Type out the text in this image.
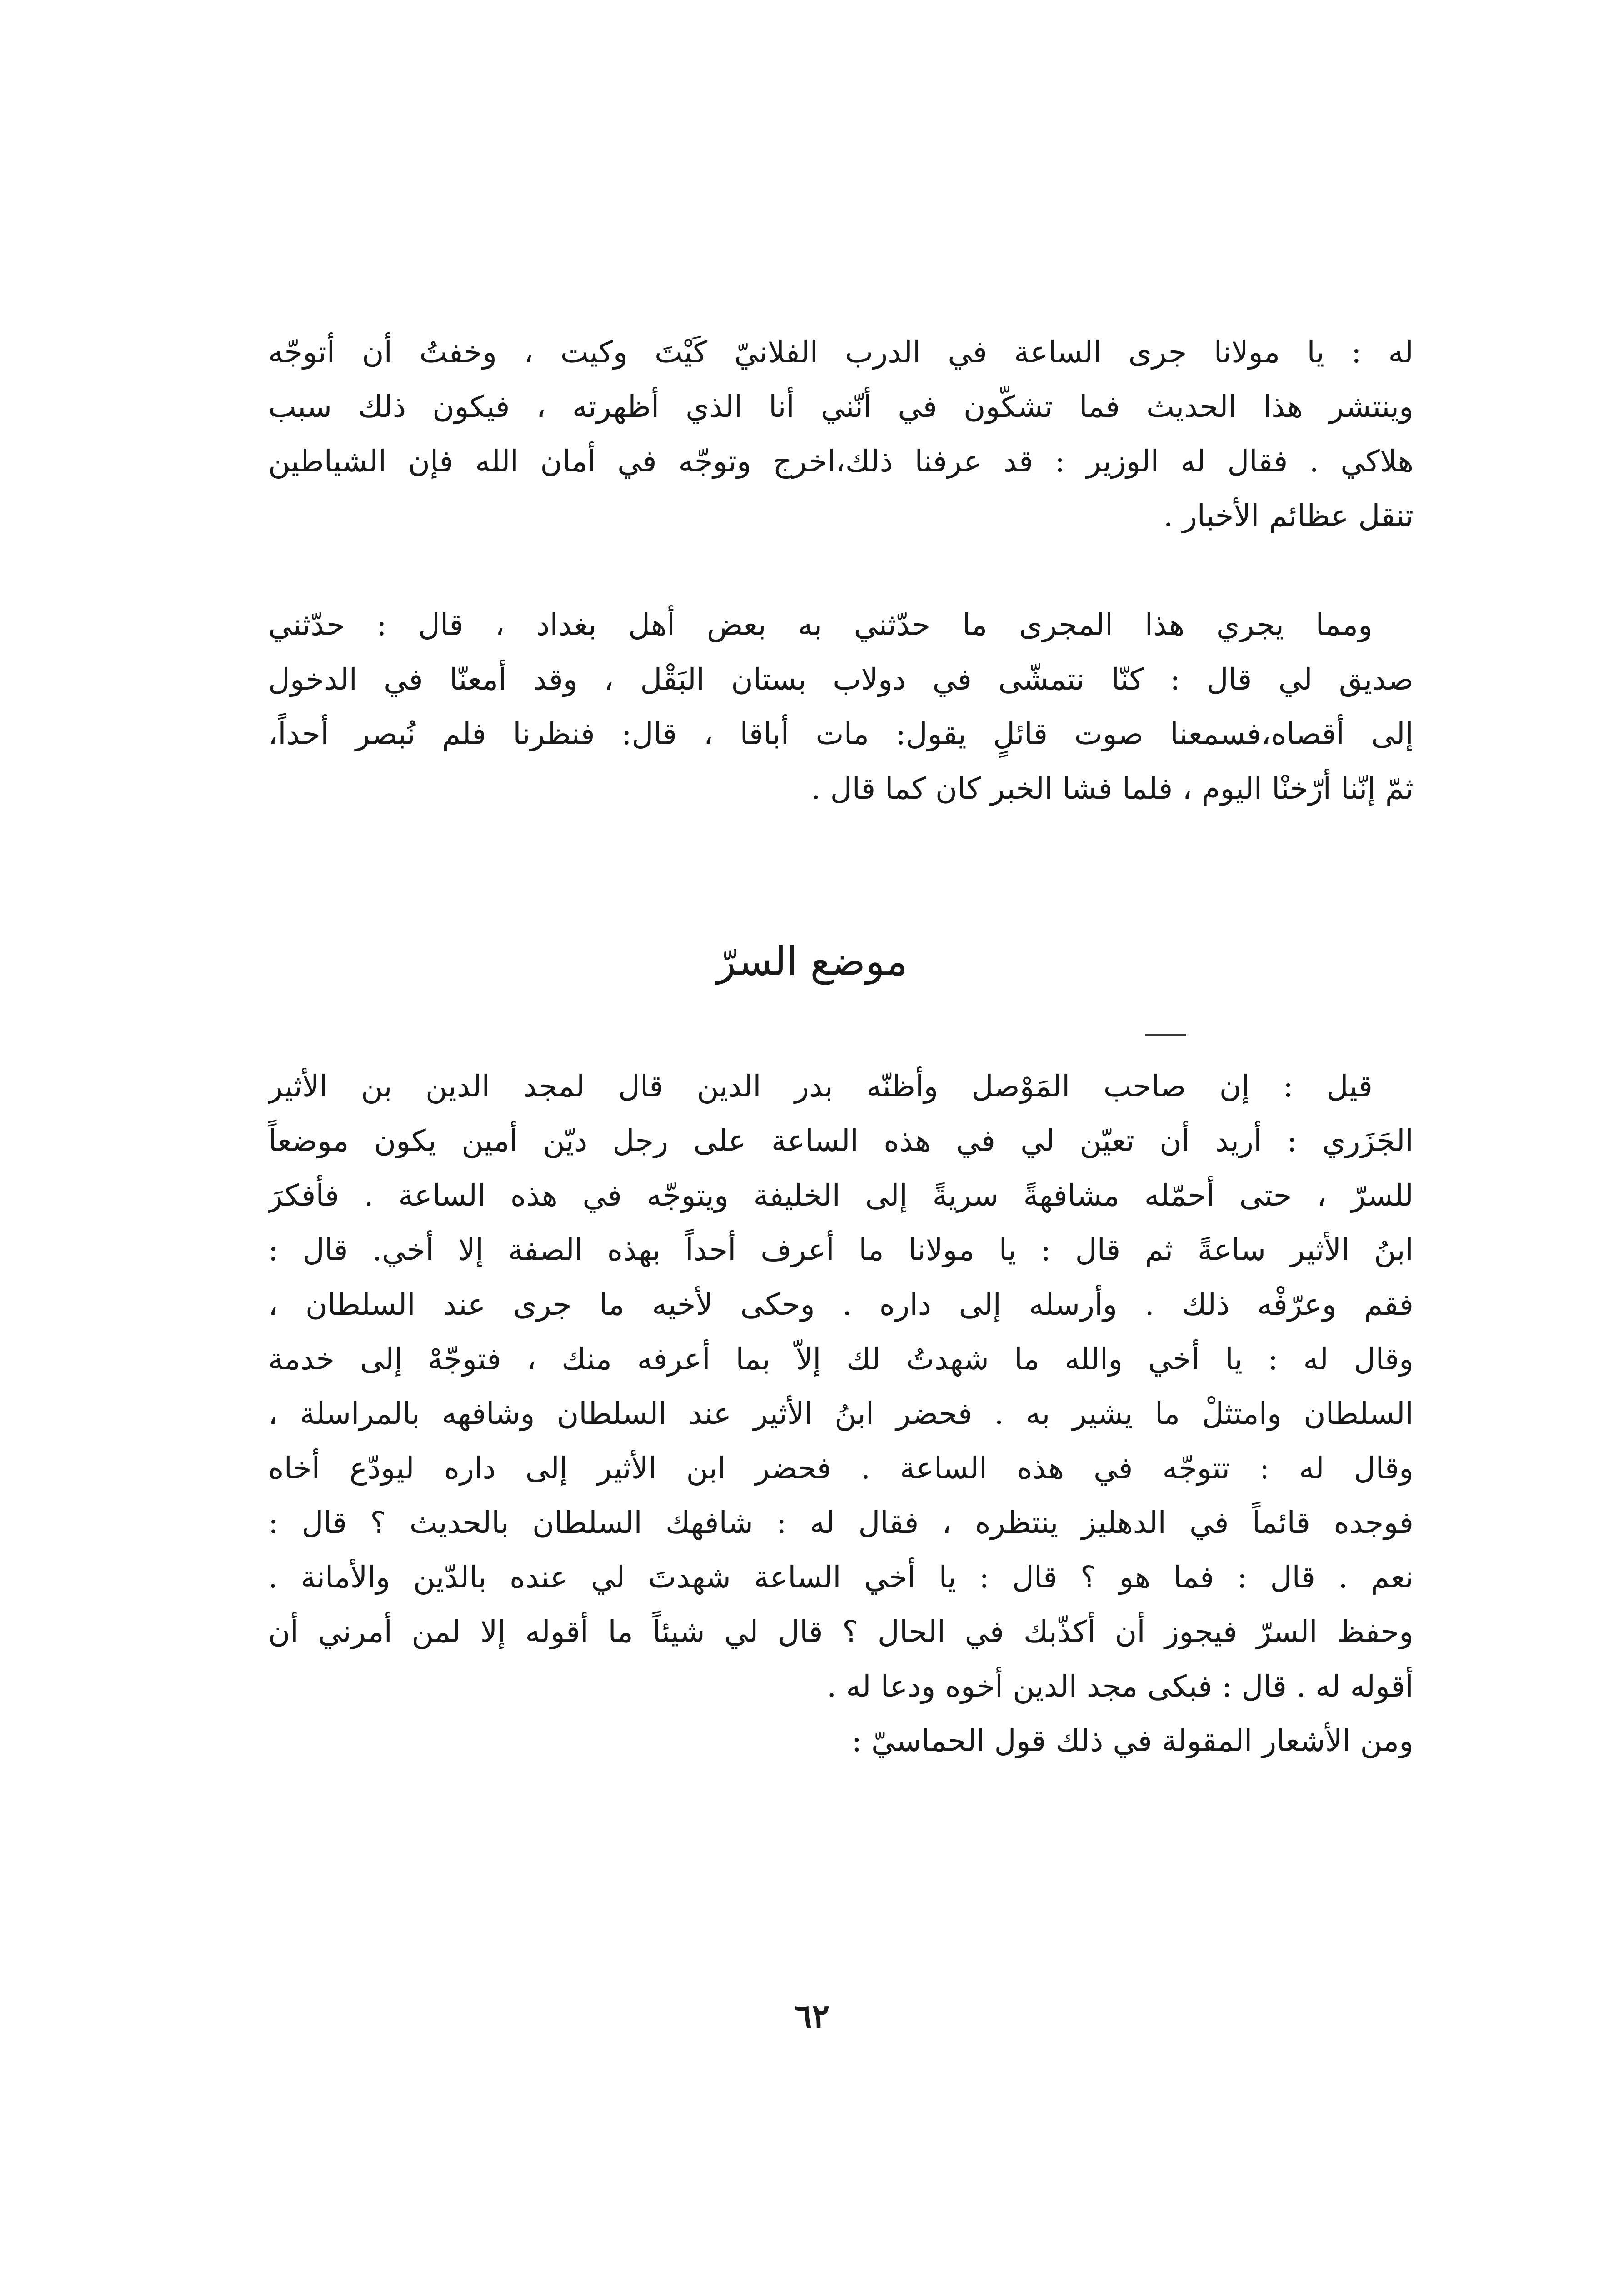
له : يا مولانا جرى الساعة في الدرب الفلانيّ كَيْتَ وكيت ، وخفتُ أن أتوجّه
وينتشر هذا الحديث فما تشكّون في أنّني أنا الذي أظهرته ، فيكون ذلك سبب
هلاكي . فقال له الوزير : قد عرفنا ذلك،اخرج وتوجّه في أمان الله فإن الشياطين
تنقل عظائم الأخبار .
ومما يجري هذا المجرى ما حدّثني به بعض أهل بغداد ، قال : حدّثني
صديق لي قال : كنّا نتمشّى في دولاب بستان البَقْل ، وقد أمعنّا في الدخول
إلى أقصاه،فسمعنا صوت قائلٍ يقول: مات أباقا ، قال: فنظرنا فلم نُبصر أحداً،
ثمّ إنّنا أرّخنْا اليوم ، فلما فشا الخبر كان كما قال .
موضع السرّ
قيل : إن صاحب المَوْصل وأظنّه بدر الدين قال لمجد الدين بن الأثير
الجَزَري : أريد أن تعيّن لي في هذه الساعة على رجل ديّن أمين يكون موضعاً
للسرّ ، حتى أحمّله مشافهةً سريةً إلى الخليفة ويتوجّه في هذه الساعة . فأفكرَ
ابنُ الأثير ساعةً ثم قال : يا مولانا ما أعرف أحداً بهذه الصفة إلا أخي. قال :
فقم وعرّفْه ذلك . وأرسله إلى داره . وحكى لأخيه ما جرى عند السلطان ،
وقال له : يا أخي والله ما شهدتُ لك إلاّ بما أعرفه منك ، فتوجّهْ إلى خدمة
السلطان وامتثلْ ما يشير به . فحضر ابنُ الأثير عند السلطان وشافهه بالمراسلة ،
وقال له : تتوجّه في هذه الساعة . فحضر ابن الأثير إلى داره ليودّع أخاه
فوجده قائماً في الدهليز ينتظره ، فقال له : شافهك السلطان بالحديث ؟ قال :
نعم . قال : فما هو ؟ قال : يا أخي الساعة شهدتَ لي عنده بالدّين والأمانة .
وحفظ السرّ فيجوز أن أكذّبك في الحال ؟ قال لي شيئاً ما أقوله إلا لمن أمرني أن
أقوله له . قال : فبكى مجد الدين أخوه ودعا له .
ومن الأشعار المقولة في ذلك قول الحماسيّ :
٦٢
